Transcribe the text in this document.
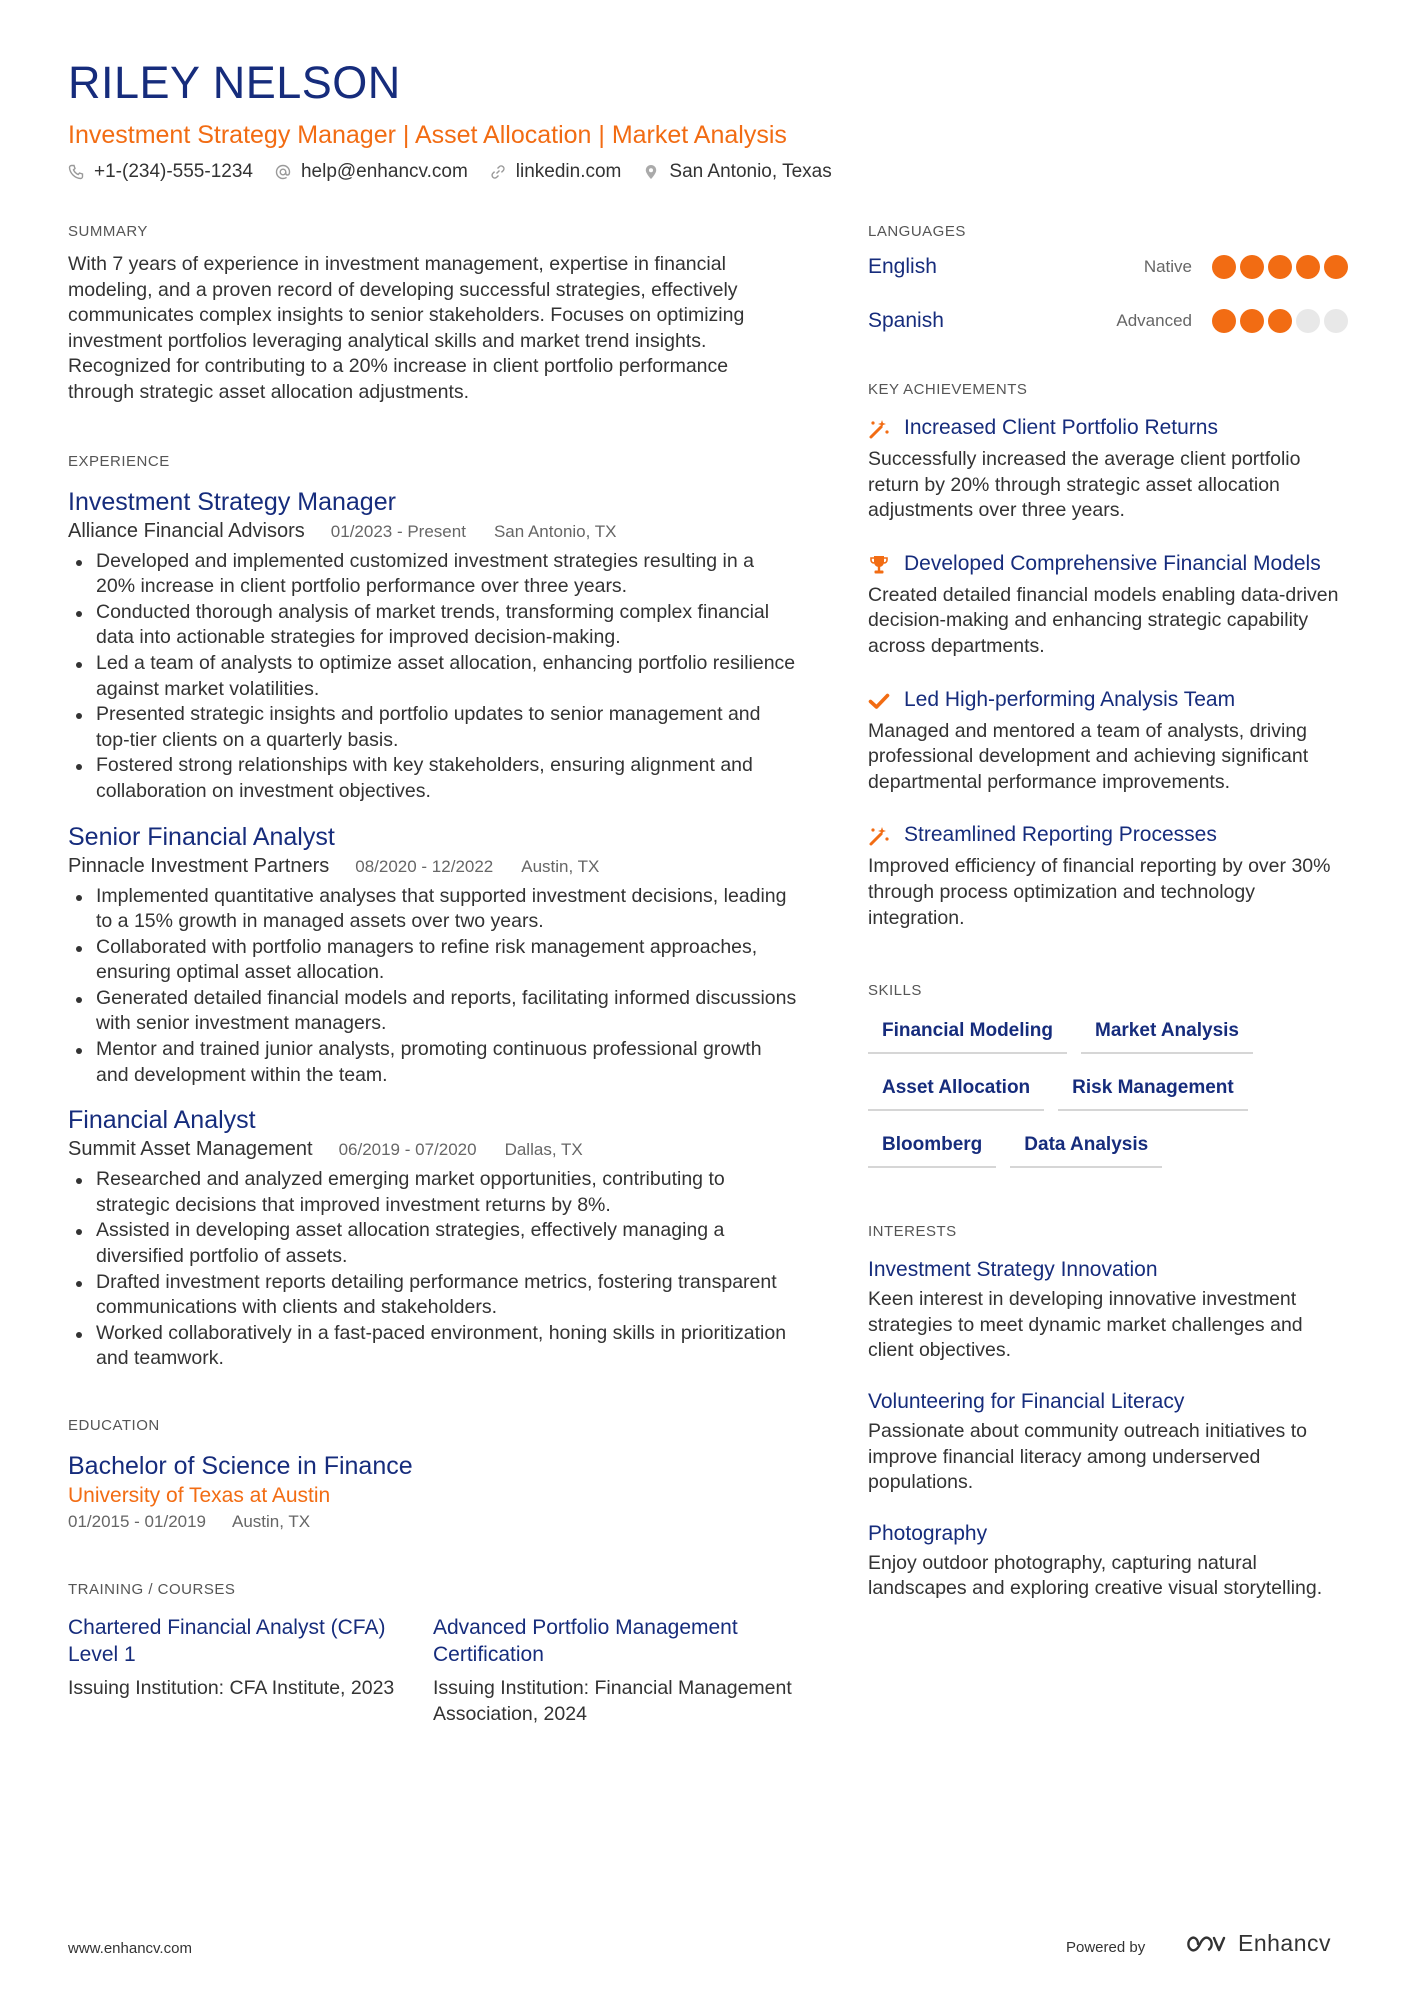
RILEY NELSON
Investment Strategy Manager | Asset Allocation | Market Analysis
+1-(234)-555-1234	help@enhancv.com	linkedin.com	San Antonio, Texas
SUMMARY

With 7 years of experience in investment management, expertise in financial modeling, and a proven record of developing successful strategies, effectively communicates complex insights to senior stakeholders. Focuses on optimizing investment portfolios leveraging analytical skills and market trend insights. Recognized for contributing to a 20% increase in client portfolio performance through strategic asset allocation adjustments.

EXPERIENCE
Investment Strategy Manager
Alliance Financial Advisors 01/2023 - Present San Antonio, TX
Developed and implemented customized investment strategies resulting in a 20% increase in client portfolio performance over three years.
Conducted thorough analysis of market trends, transforming complex financial data into actionable strategies for improved decision-making.
Led a team of analysts to optimize asset allocation, enhancing portfolio resilience against market volatilities.
Presented strategic insights and portfolio updates to senior management and top-tier clients on a quarterly basis.
Fostered strong relationships with key stakeholders, ensuring alignment and collaboration on investment objectives.
Senior Financial Analyst
Pinnacle Investment Partners 08/2020 - 12/2022 Austin, TX
Implemented quantitative analyses that supported investment decisions, leading to a 15% growth in managed assets over two years.
Collaborated with portfolio managers to refine risk management approaches, ensuring optimal asset allocation.
Generated detailed financial models and reports, facilitating informed discussions with senior investment managers.
Mentor and trained junior analysts, promoting continuous professional growth and development within the team.
Financial Analyst
Summit Asset Management 06/2019 - 07/2020 Dallas, TX
Researched and analyzed emerging market opportunities, contributing to strategic decisions that improved investment returns by 8%.
Assisted in developing asset allocation strategies, effectively managing a diversified portfolio of assets.
Drafted investment reports detailing performance metrics, fostering transparent communications with clients and stakeholders.
Worked collaboratively in a fast-paced environment, honing skills in prioritization and teamwork.
EDUCATION
Bachelor of Science in Finance
University of Texas at Austin
01/2015 - 01/2019 Austin, TX
TRAINING / COURSES
Chartered Financial Analyst (CFA) Level 1
Issuing Institution: CFA Institute, 2023
Advanced Portfolio Management Certification
Issuing Institution: Financial Management Association, 2024
LANGUAGES
English	Native
Spanish	Advanced
KEY ACHIEVEMENTS
Increased Client Portfolio Returns
Successfully increased the average client portfolio return by 20% through strategic asset allocation adjustments over three years.
Developed Comprehensive Financial Models
Created detailed financial models enabling data-driven decision-making and enhancing strategic capability across departments.
Led High-performing Analysis Team
Managed and mentored a team of analysts, driving professional development and achieving significant departmental performance improvements.
Streamlined Reporting Processes
Improved efficiency of financial reporting by over 30% through process optimization and technology integration.
SKILLS
Financial Modeling	Market Analysis
Asset Allocation	Risk Management
Bloomberg	Data Analysis
INTERESTS
Investment Strategy Innovation
Keen interest in developing innovative investment strategies to meet dynamic market challenges and client objectives.
Volunteering for Financial Literacy
Passionate about community outreach initiatives to improve financial literacy among underserved populations.
Photography
Enjoy outdoor photography, capturing natural landscapes and exploring creative visual storytelling.
www.enhancv.com	Powered by	Enhancv
